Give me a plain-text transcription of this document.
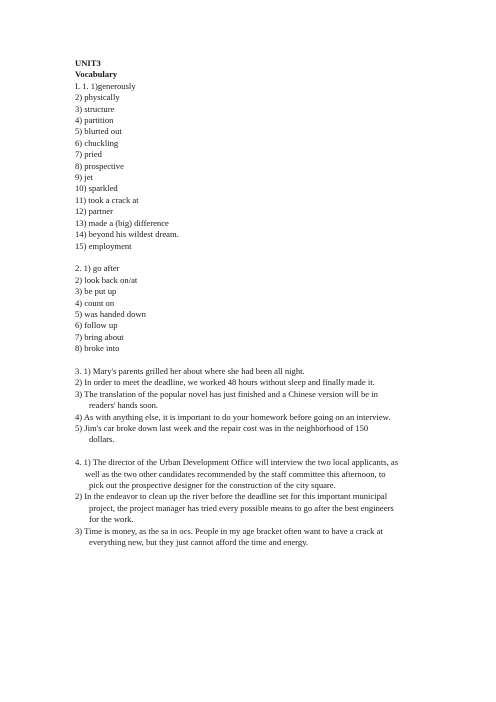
UNIT3
Vocabulary
I. 1. 1)generously
2) physically
3) structure
4) partition
5) blurted out
6) chuckling
7) pried
8) prospective
9) jet
10) sparkled
11) took a crack at
12) partner
13) made a (big) difference
14) beyond his wildest dream.
15) employment
2. 1) go after
2) look back on/at
3) be put up
4) count on
5) was handed down
6) follow up
7) bring about
8) broke into
3. 1) Mary's parents grilled her about where she had been all night.
2) In order to meet the deadline, we worked 48 hours without sleep and finally made it.
3) The translation of the popular novel has just finished and a Chinese version will be in
readers' hands soon.
4) As with anything else, it is important to do your homework before going on an interview.
5) Jim's car broke down last week and the repair cost was in the neighborhood of 150
dollars.
4. 1) The director of the Urban Development Office will interview the two local applicants, as
well as the two other candidates recommended by the staff committee this afternoon, to
pick out the prospective designer for the construction of the city square.
2) In the endeavor to clean up the river before the deadline set for this important municipal
project, the project manager has tried every possible means to go after the best engineers
for the work.
3) Time is money, as the sa in ocs. People in my age bracket often want to have a crack at
everything new, but they just cannot afford the time and energy.
